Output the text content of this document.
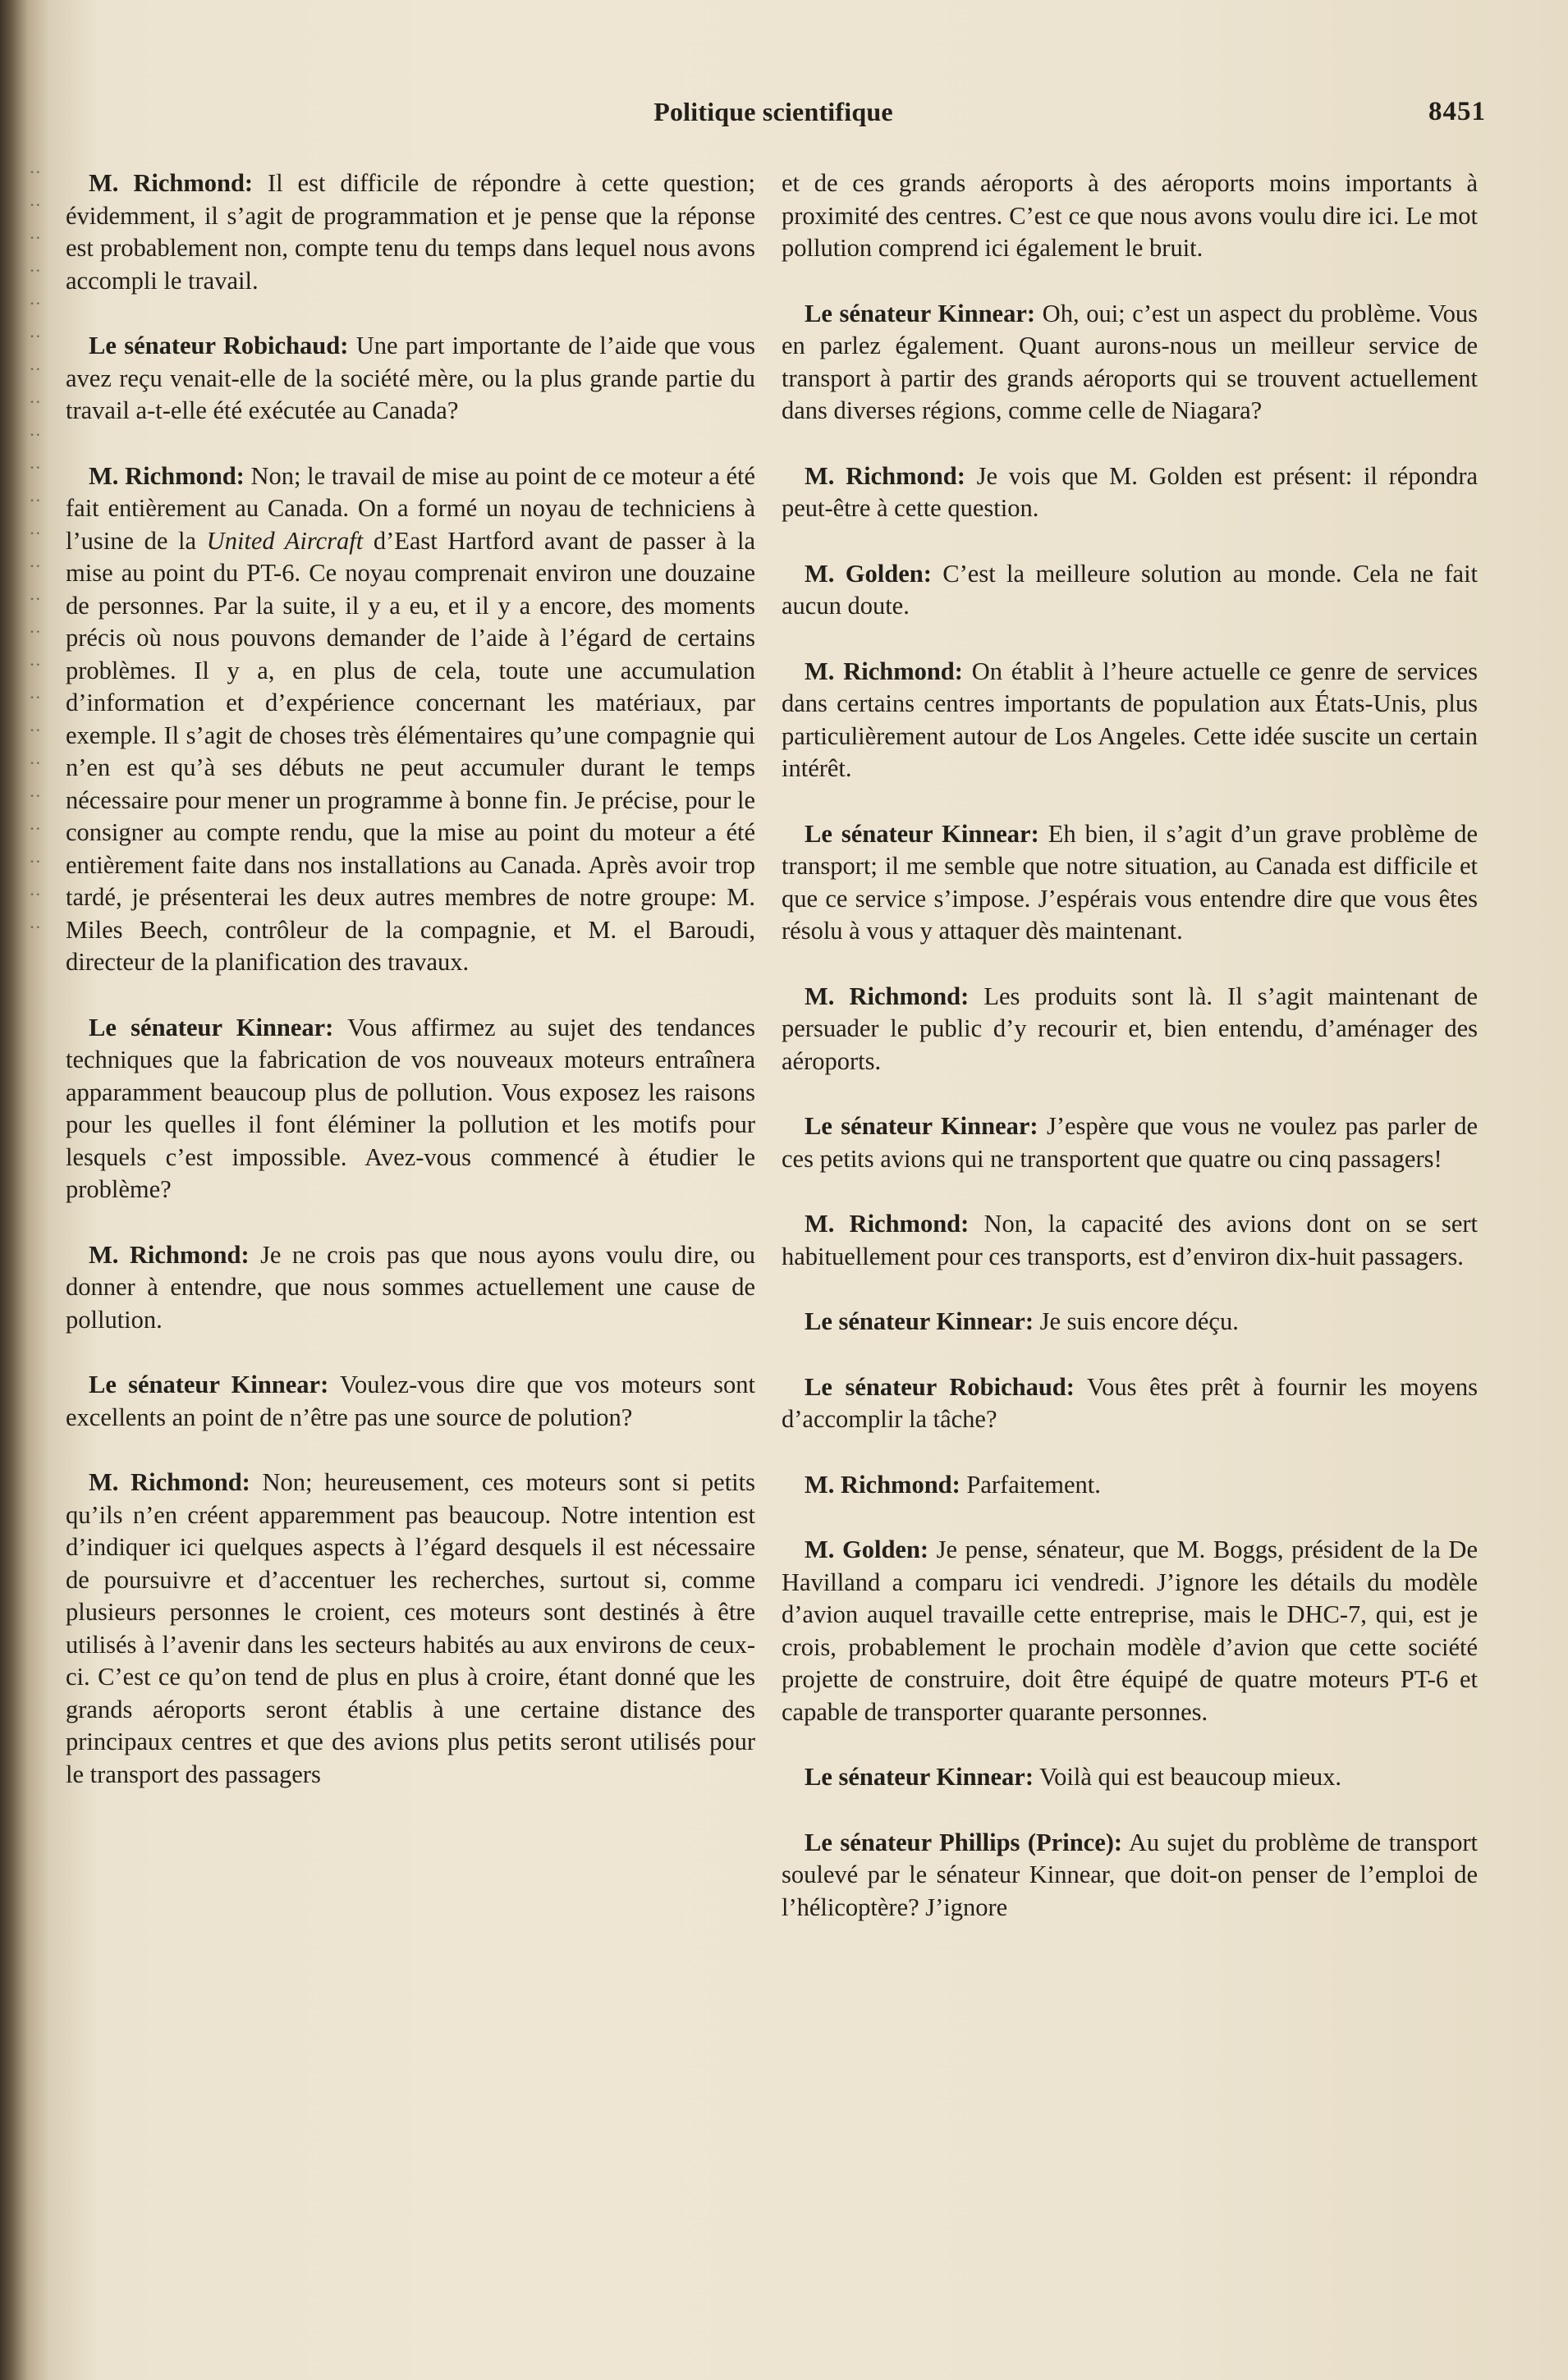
··
··
··
··
··
··
··
··
··
··
··
··
··
··
··
··
··
··
··
··
··
··
··
··
Politique scientifique	8451

M. Richmond: Il est difficile de répondre à cette question; évidemment, il s’agit de programmation et je pense que la réponse est probablement non, compte tenu du temps dans lequel nous avons accompli le travail.

Le sénateur Robichaud: Une part importante de l’aide que vous avez reçu venait-elle de la société mère, ou la plus grande partie du travail a-t-elle été exécutée au Canada?

M. Richmond: Non; le travail de mise au point de ce moteur a été fait entièrement au Canada. On a formé un noyau de techniciens à l’usine de la United Aircraft d’East Hartford avant de passer à la mise au point du PT-6. Ce noyau comprenait environ une douzaine de personnes. Par la suite, il y a eu, et il y a encore, des moments précis où nous pouvons demander de l’aide à l’égard de certains problèmes. Il y a, en plus de cela, toute une accumulation d’information et d’expérience concernant les matériaux, par exemple. Il s’agit de choses très élémentaires qu’une compagnie qui n’en est qu’à ses débuts ne peut accumuler durant le temps nécessaire pour mener un programme à bonne fin. Je précise, pour le consigner au compte rendu, que la mise au point du moteur a été entièrement faite dans nos installations au Canada. Après avoir trop tardé, je présenterai les deux autres membres de notre groupe: M. Miles Beech, contrôleur de la compagnie, et M. el Baroudi, directeur de la planification des travaux.

Le sénateur Kinnear: Vous affirmez au sujet des tendances techniques que la fabrication de vos nouveaux moteurs entraînera apparamment beaucoup plus de pollution. Vous exposez les raisons pour les quelles il font éléminer la pollution et les motifs pour lesquels c’est impossible. Avez-vous commencé à étudier le problème?

M. Richmond: Je ne crois pas que nous ayons voulu dire, ou donner à entendre, que nous sommes actuellement une cause de pollution.

Le sénateur Kinnear: Voulez-vous dire que vos moteurs sont excellents an point de n’être pas une source de polution?

M. Richmond: Non; heureusement, ces moteurs sont si petits qu’ils n’en créent apparemment pas beaucoup. Notre intention est d’indiquer ici quelques aspects à l’égard desquels il est nécessaire de poursuivre et d’accentuer les recherches, surtout si, comme plusieurs personnes le croient, ces moteurs sont destinés à être utilisés à l’avenir dans les secteurs habités au aux environs de ceux-ci. C’est ce qu’on tend de plus en plus à croire, étant donné que les grands aéroports seront établis à une certaine distance des principaux centres et que des avions plus petits seront utilisés pour le transport des passagers

et de ces grands aéroports à des aéroports moins importants à proximité des centres. C’est ce que nous avons voulu dire ici. Le mot pollution comprend ici également le bruit.

Le sénateur Kinnear: Oh, oui; c’est un aspect du problème. Vous en parlez également. Quant aurons-nous un meilleur service de transport à partir des grands aéroports qui se trouvent actuellement dans diverses régions, comme celle de Niagara?

M. Richmond: Je vois que M. Golden est présent: il répondra peut-être à cette question.

M. Golden: C’est la meilleure solution au monde. Cela ne fait aucun doute.

M. Richmond: On établit à l’heure actuelle ce genre de services dans certains centres importants de population aux États-Unis, plus particulièrement autour de Los Angeles. Cette idée suscite un certain intérêt.

Le sénateur Kinnear: Eh bien, il s’agit d’un grave problème de transport; il me semble que notre situation, au Canada est difficile et que ce service s’impose. J’espérais vous entendre dire que vous êtes résolu à vous y attaquer dès maintenant.

M. Richmond: Les produits sont là. Il s’agit maintenant de persuader le public d’y recourir et, bien entendu, d’aménager des aéroports.

Le sénateur Kinnear: J’espère que vous ne voulez pas parler de ces petits avions qui ne transportent que quatre ou cinq passagers!

M. Richmond: Non, la capacité des avions dont on se sert habituellement pour ces transports, est d’environ dix-huit passagers.

Le sénateur Kinnear: Je suis encore déçu.

Le sénateur Robichaud: Vous êtes prêt à fournir les moyens d’accomplir la tâche?

M. Richmond: Parfaitement.

M. Golden: Je pense, sénateur, que M. Boggs, président de la De Havilland a comparu ici vendredi. J’ignore les détails du modèle d’avion auquel travaille cette entreprise, mais le DHC-7, qui, est je crois, probablement le prochain modèle d’avion que cette société projette de construire, doit être équipé de quatre moteurs PT-6 et capable de transporter quarante personnes.

Le sénateur Kinnear: Voilà qui est beaucoup mieux.

Le sénateur Phillips (Prince): Au sujet du problème de transport soulevé par le sénateur Kinnear, que doit-on penser de l’emploi de l’hélicoptère? J’ignore
